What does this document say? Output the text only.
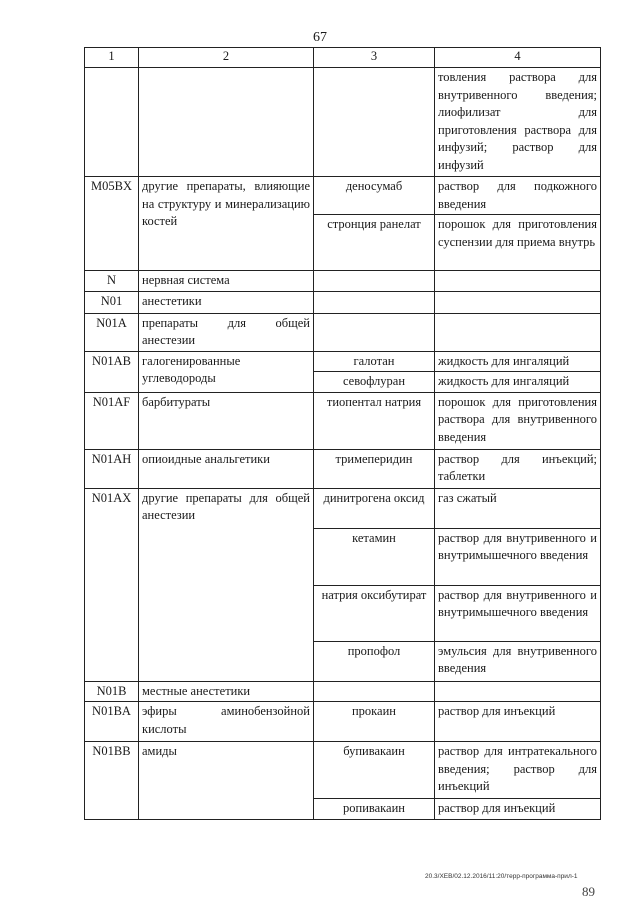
67
1	2	3	4
			товления раствора для внутривенного введения; лиофилизат для приготовления раствора для инфузий; раствор для инфузий
M05BX	другие препараты, влияющие на структуру и минерализацию костей	деносумаб	раствор для подкожного введения
		стронция ранелат	порошок для приготовления суспензии для приема внутрь
N	нервная система		
N01	анестетики		
N01A	препараты для общей анестезии		
N01AB	галогенированные углеводороды	галотан	жидкость для ингаляций
		севофлуран	жидкость для ингаляций
N01AF	барбитураты	тиопентал натрия	порошок для приготовления раствора для внутривенного введения
N01AH	опиоидные анальгетики	тримеперидин	раствор для инъекций; таблетки
N01AX	другие препараты для общей анестезии	динитрогена оксид	газ сжатый
		кетамин	раствор для внутривенного и внутримышечного введения
		натрия оксибутират	раствор для внутривенного и внутримышечного введения
		пропофол	эмульсия для внутривенного введения
N01B	местные анестетики		
N01BA	эфиры аминобензойной кислоты	прокаин	раствор для инъекций
N01BB	амиды	бупивакаин	раствор для интратекального введения; раствор для инъекций
		ропивакаин	раствор для инъекций
20.3/XEB/02.12.2016/11:20/терр-программа-прил-1
89
